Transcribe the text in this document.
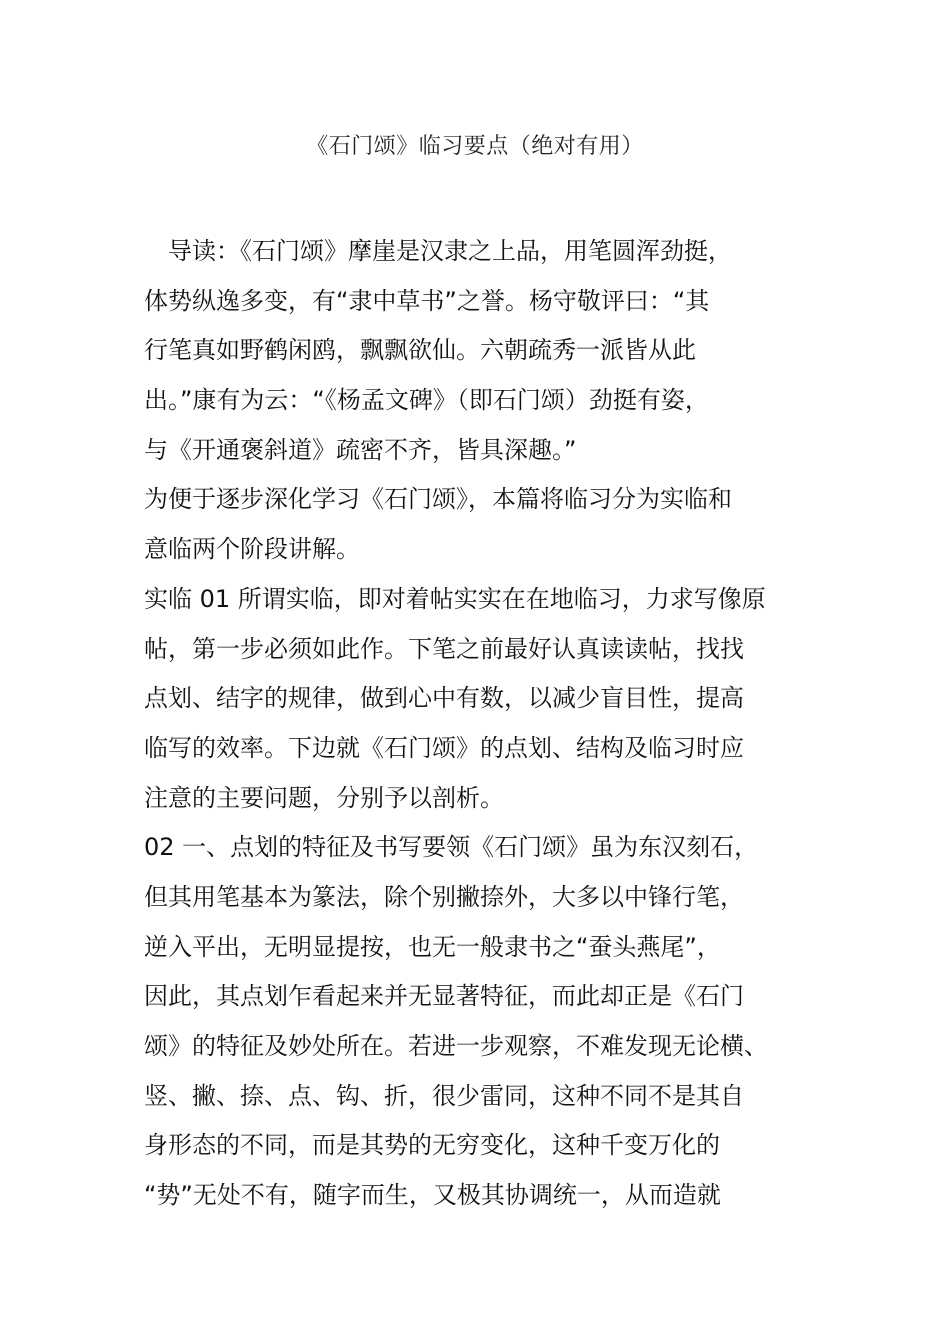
《石门颂》临习要点（绝对有用）
　导读：《石门颂》摩崖是汉隶之上品，用笔圆浑劲挺，
体势纵逸多变，有“隶中草书”之誉。杨守敬评曰：“其
行笔真如野鹤闲鸥，飘飘欲仙。六朝疏秀一派皆从此
出。”康有为云：“《杨孟文碑》（即石门颂）劲挺有姿，
与《开通褒斜道》疏密不齐，皆具深趣。”
为便于逐步深化学习《石门颂》，本篇将临习分为实临和
意临两个阶段讲解。
实临 01 所谓实临，即对着帖实实在在地临习，力求写像原
帖，第一步必须如此作。下笔之前最好认真读读帖，找找
点划、结字的规律，做到心中有数，以减少盲目性，提高
临写的效率。下边就《石门颂》的点划、结构及临习时应
注意的主要问题，分别予以剖析。
02 一、点划的特征及书写要领《石门颂》虽为东汉刻石，
但其用笔基本为篆法，除个别撇捺外，大多以中锋行笔，
逆入平出，无明显提按，也无一般隶书之“蚕头燕尾”，
因此，其点划乍看起来并无显著特征，而此却正是《石门
颂》的特征及妙处所在。若进一步观察，不难发现无论横、
竖、撇、捺、点、钩、折，很少雷同，这种不同不是其自
身形态的不同，而是其势的无穷变化，这种千变万化的
“势”无处不有，随字而生，又极其协调统一，从而造就
